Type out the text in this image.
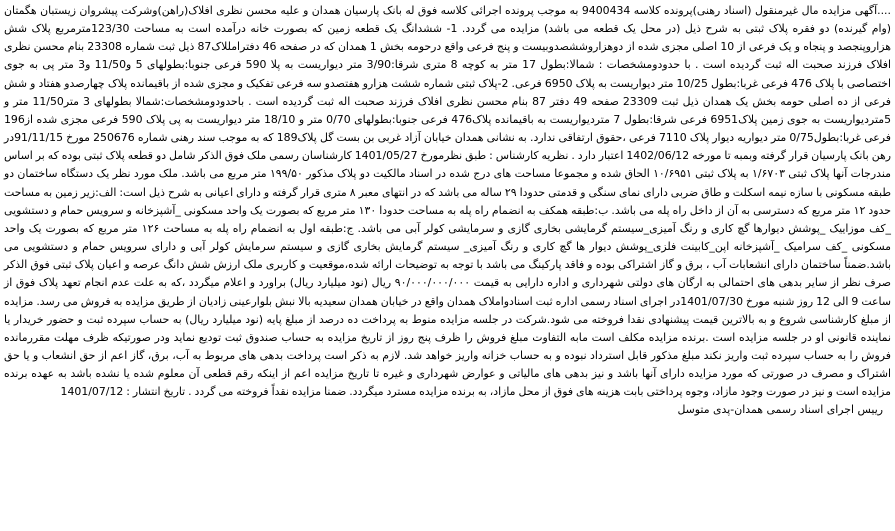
....آگهی مزایده مال غیرمنقول (اسناد رهنی)پرونده کلاسه 9400434 به موجب پرونده اجرائی کلاسه فوق له بانک پارسیان همدان و علیه محسن نظری افلاک(راهن)وشرکت پیشروان زیستبان هگمتان (وام گیرنده) دو فقره پلاک ثبتی به شرح ذیل (در محل یک قطعه می باشد) مزایده می گردد. 1- ششدانگ یک قطعه زمین که بصورت خانه درآمده است به مساحت 123/30مترمربع پلاک شش هزاروپنجصد و پنجاه و یک فرعی از 10 اصلی مجزی شده از دوهزاروششصدوبیست و پنج فرعی واقع درحومه بخش 1 همدان که در صفحه 46 دفترامللاک87 ذیل ثبت شماره 23308 بنام محسن نظری افلاک فرزند صحبت اله ثبت گردیده است . با حدودومشخصات : شمالا:بطول 17 متر به کوچه 8 متری شرقا:3/90 متر دیواریست به پلا 590 فرعی جنوبا:بطولهای 5 و11/50 و3 متر پی به جوی اختصاصی با پلاک 476 فرعی غربا:بطول 10/25 متر دیواریست به پلاک 6950 فرعی. 2-پلاک ثبتی شماره ششت هزارو هفتصدو سه فرعی تفکیک و مجزی شده از باقیمانده پلاک چهارصدو هفتاد و شش فرعی از ده اصلی حومه بخش یک همدان ذیل ثبت 23309 صفحه 49 دفتر 87 بنام محسن نظری افلاک فرزند صحبت اله ثبت گردیده است . باحدودومشخصات:شمالا بطولهای 3 متر11/50 متر و 5متردیواریست به جوی زمین پلاک6951 فرعی شرقا:بطول 7 متردیواریست به باقیمانده پلاک476 فرعی جنوبا:بطولهای 0/70 متر و 18/10 متر دیواریست به پی پلاک 590 فرعی مجزی شده از196 فرعی غربا:بطول0/75 متر دیواریه دیوار پلاک 7110 فرعی ،حقوق ارتفاقی ندارد. به نشانی همدان خیابان آزاد غربی بن بست گل پلاک189 که به موجب سند رهنی شماره 250676 مورخ 91/11/15در رهن بانک پارسیان قرار گرفته وبمبه تا مورخه 1402/06/12 اعتبار دارد . نظریه کارشناس : طبق نظرمورخ 1401/05/27 کارشناسان رسمی ملک فوق الذکر شامل دو قطعه پلاک ثبتی بوده که بر اساس مندرجات آنها پلاک ثبتی ۱/۶۷۰۳ به پلاک ثبتی ۱۰/۶۹۵۱ الحاق شده و مجموعا مساحت های درج شده در اسناد مالکیت دو پلاک مذکور ۱۹۹/۵۰ متر مربع می باشد. ملک مورد نظر یک دستگاه ساختمان دو طبقه مسکونی با سازه نیمه اسکلت و طاق ضربی دارای نمای سنگی و قدمتی حدودا ۲۹ ساله می باشد که در انتهای معبر ۸ متری قرار گرفته و دارای اعیانی به شرح ذیل است: الف:زیر زمین به مساحت حدود ۱۲ متر مربع که دسترسی به آن از داخل راه پله می باشد. ب:طبقه همکف به انضمام راه پله به مساحت حدودا ۱۳۰ متر مربع که بصورت یک واحد مسکونی _آشپزخانه و سرویس حمام و دستشویی _کف موزاییک _پوشش دیوارها گچ کاری و رنگ آمیزی_سیستم گرمایشی بخاری گازی و سرمایشی کولر آبی می باشد. ج:طبقه اول به انضمام راه پله به مساحت ۱۲۶ متر مربع که بصورت یک واحد مسکونی _کف سرامیک _آشپزخانه اپن_کابینت فلزی_پوشش دیوار ها گچ کاری و رنگ آمیزی_ سیستم گرمایش بخاری گازی و سیستم سرمایش کولر آبی و دارای سرویس حمام و دستشویی می باشد.ضمناً ساختمان دارای انشعابات آب ، برق و گاز اشتراکی بوده و فاقد پارکینگ می باشد با توجه به توضیحات ارائه شده،موقعیت و کاربری ملک ارزش شش دانگ عرصه و اعیان پلاک ثبتی فوق الذکر صرف نظر از سایر بدهی های احتمالی به ارگان های دولتی شهرداری و اداره دارایی به قیمت ۹۰/۰۰۰/۰۰۰/۰۰۰ ریال (نود میلیارد ریال) براورد و اعلام میگردد ،که به علت عدم انجام تعهد پلاک فوق از ساعت 9 الی 12 روز شنبه مورخ 1401/07/30در اجرای اسناد رسمی اداره ثبت اسنادواملاک همدان واقع در خیابان همدان سعیدیه بالا نبش بلوارعینی زادیان از طریق مزایده به فروش می رسد. مزایده از مبلغ کارشناسی شروع و به بالاترین قیمت پیشنهادی نقدا فروخته می شود.شرکت در جلسه مزایده منوط به پرداخت ده درصد از مبلغ پایه (نود میلیارد ریال) به حساب سپرده ثبت و حضور خریدار یا نماینده قانونی او در جلسه مزایده است .برنده مزایده مکلف است مابه التفاوت مبلغ فروش را ظرف پنج روز از تاریخ مزایده به حساب صندوق ثبت تودیع نماید ودر صورتیکه ظرف مهلت مقررمانده فروش را به حساب سپرده ثبت واریز نکند مبلغ مذکور قابل استرداد نبوده و به حساب خزانه واریز خواهد شد. لازم به ذکر است پرداخت بدهی های مربوط به آب، برق، گاز اعم از حق انشعاب و یا حق اشتراک و مصرف در صورتی که مورد مزایده دارای آنها باشد و نیز بدهی های مالیاتی و عوارض شهرداری و غیره تا تاریخ مزایده اعم از اینکه رقم قطعی آن معلوم شده یا نشده باشد به عهده برنده مزایده است و نیز در صورت وجود مازاد، وجوه پرداختی بابت هزینه های فوق از محل مازاد، به برنده مزایده مسترد میگردد. ضمنا مزایده نقداً فروخته می گردد . تاریخ انتشار : 1401/07/12

رییس اجرای اسناد رسمی همدان-پدی متوسل
